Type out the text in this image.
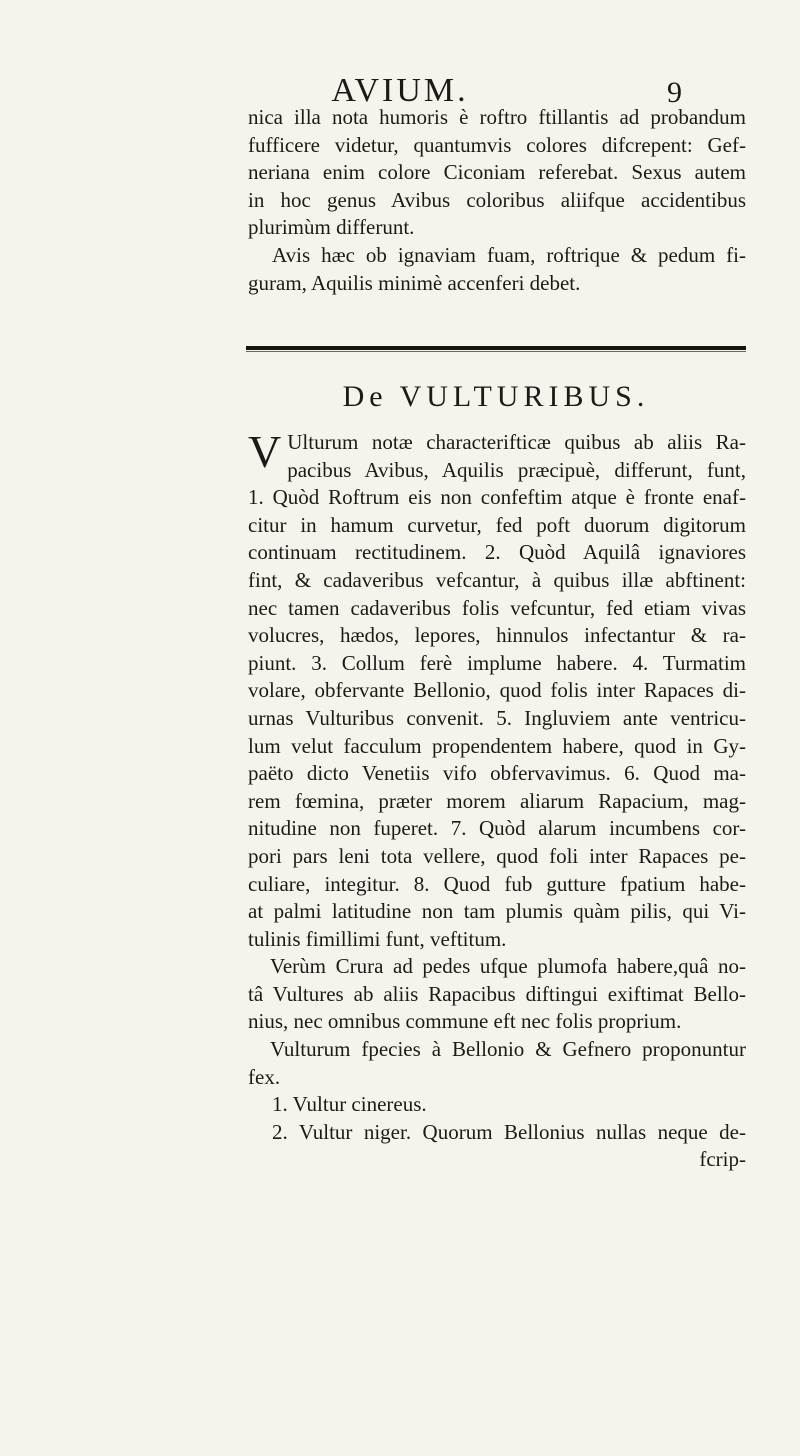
AVIUM.	9
nica illa nota humoris è roftro ftillantis ad probandum
fufficere videtur, quantumvis colores difcrepent: Gef-
neriana enim colore Ciconiam referebat. Sexus autem
in hoc genus Avibus coloribus aliifque accidentibus
plurimùm differunt.
Avis hæc ob ignaviam fuam, roftrique & pedum fi-
guram, Aquilis minimè accenferi debet.
De VULTURIBUS.
V Ulturum notæ characterifticæ quibus ab aliis Ra-
pacibus Avibus, Aquilis præcipuè, differunt, funt,
1. Quòd Roftrum eis non confeftim atque è fronte enaf-
citur in hamum curvetur, fed poft duorum digitorum
continuam rectitudinem. 2. Quòd Aquilâ ignaviores
fint, & cadaveribus vefcantur, à quibus illæ abftinent:
nec tamen cadaveribus folis vefcuntur, fed etiam vivas
volucres, hædos, lepores, hinnulos infectantur & ra-
piunt. 3. Collum ferè implume habere. 4. Turmatim
volare, obfervante Bellonio, quod folis inter Rapaces di-
urnas Vulturibus convenit. 5. Ingluviem ante ventricu-
lum velut facculum propendentem habere, quod in Gy-
paëto dicto Venetiis vifo obfervavimus. 6. Quod ma-
rem fœmina, præter morem aliarum Rapacium, mag-
nitudine non fuperet. 7. Quòd alarum incumbens cor-
pori pars leni tota vellere, quod foli inter Rapaces pe-
culiare, integitur. 8. Quod fub gutture fpatium habe-
at palmi latitudine non tam plumis quàm pilis, qui Vi-
tulinis fimillimi funt, veftitum.
Verùm Crura ad pedes ufque plumofa habere,quâ no-
tâ Vultures ab aliis Rapacibus diftingui exiftimat Bello-
nius, nec omnibus commune eft nec folis proprium.
Vulturum fpecies à Bellonio & Gefnero proponuntur
fex.
1. Vultur cinereus.
2. Vultur niger. Quorum Bellonius nullas neque de-
fcrip-
